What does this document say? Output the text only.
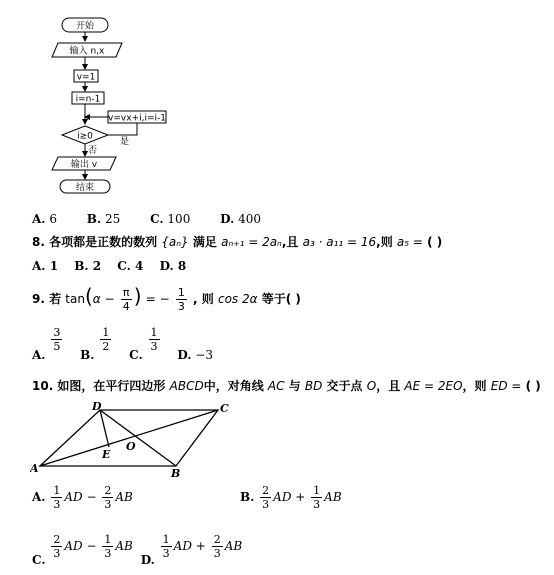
开始
输入 n,x
v=1
i=n-1
v=vx+i,i=i-1
i≥0
是
否
输出 v
结束
A. 6 B. 25 C. 100 D. 400
8. 各项都是正数的数列 {aₙ} 满足 aₙ₊₁ = 2aₙ,且 a₃ · a₁₁ = 16,则 a₅ = ( )
A. 1 B. 2 C. 4 D. 8
9. 若 $\tan(\alpha - \frac{\pi}{4}$ ) = − $\frac{1}{3}$ , 则 cos 2α 等于( )
A.
$\frac{3}{5}$
B.
$\frac{1}{2}$
C.
$\frac{1}{3}$
D. −3
10. 如图，在平行四边形 ABCD中，对角线 AC 与 BD 交于点 O，且 AE = 2EO，则 ED = ( )
A	B
C
D
E
O
A. $\frac{1}{3}$ AD − $\frac{2}{3}$ AB	B. $\frac{2}{3}$ AD + $\frac{1}{3}$ AB
C. $\frac{2}{3}$ AD − $\frac{1}{3}$ AB D. $\frac{1}{3}$ AD + $\frac{2}{3}$ AB
